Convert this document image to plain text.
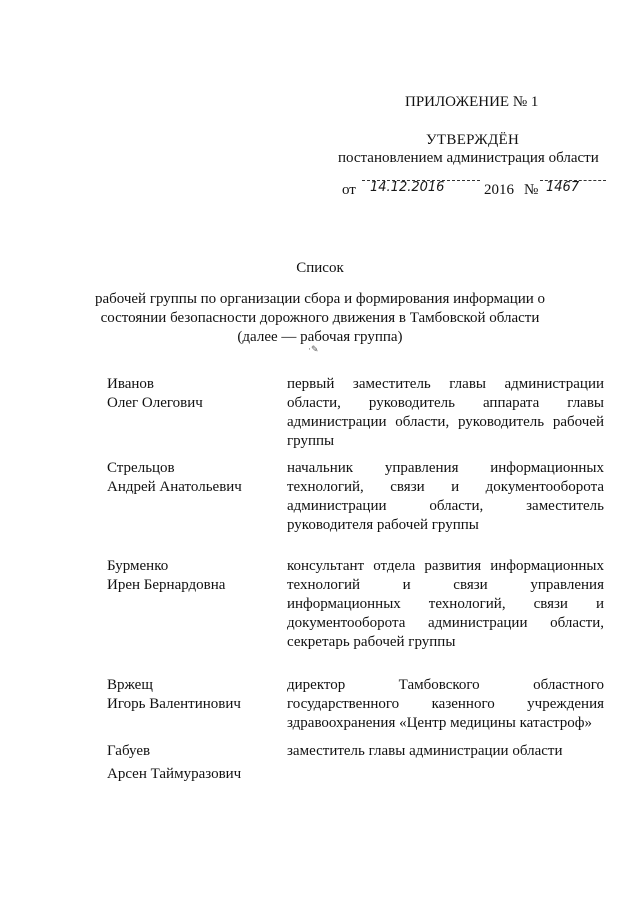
ПРИЛОЖЕНИЕ № 1
УТВЕРЖДЁН
постановлением администрация области
от 14.12.2016	2016 № 1467
Список
рабочей группы по организации сбора и формирования информации о состоянии безопасности дорожного движения в Тамбовской области (далее — рабочая группа)
·✎
Иванов
Олег Олегович
первый заместитель главы администрации области, руководитель аппарата главы администрации области, руководитель рабочей группы
Стрельцов
Андрей Анатольевич
начальник управления информационных технологий, связи и документооборота администрации области, заместитель руководителя рабочей группы
Бурменко
Ирен Бернардовна
консультант отдела развития информационных технологий и связи управления информационных технологий, связи и документооборота администрации области, секретарь рабочей группы
Вржещ
Игорь Валентинович
директор Тамбовского областного государственного казенного учреждения здравоохранения «Центр медицины катастроф»
Габуев
Арсен Таймуразович
заместитель главы администрации области
